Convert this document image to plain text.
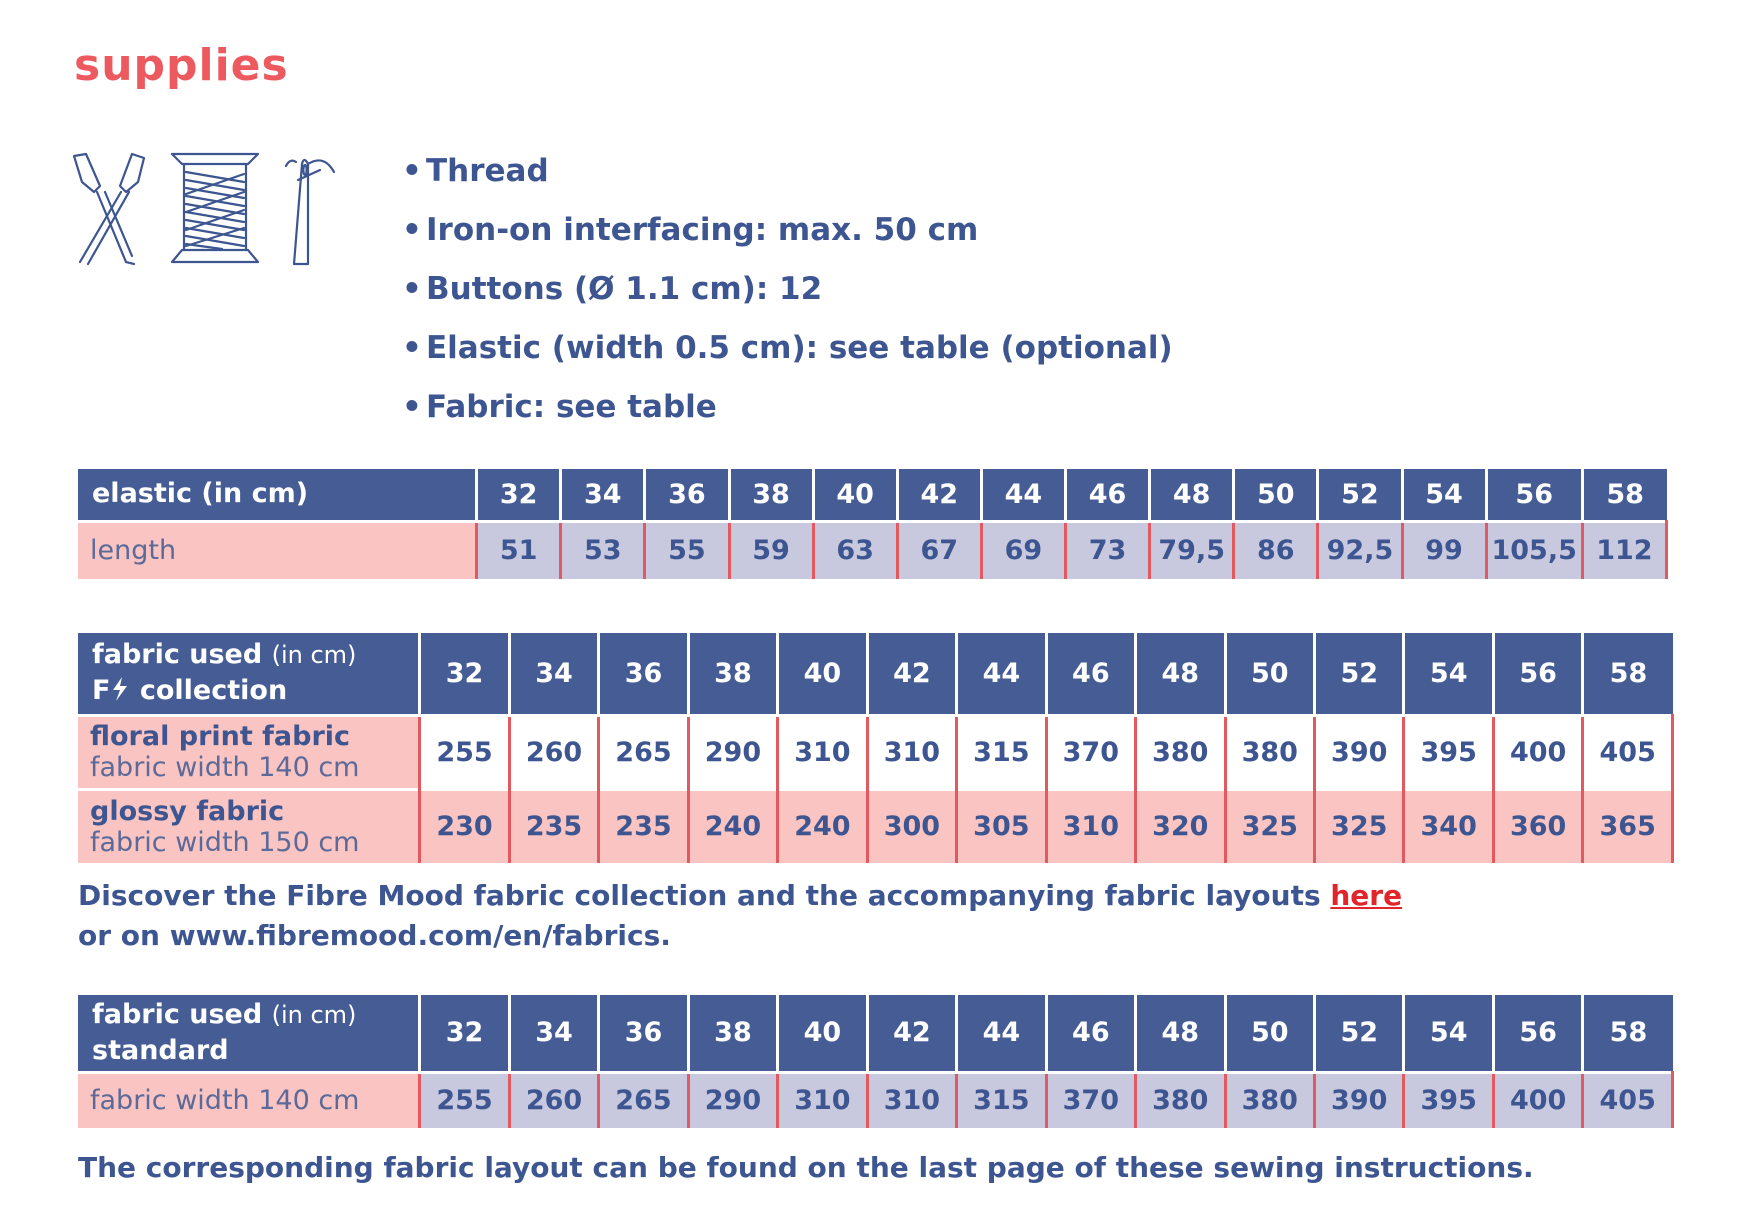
supplies
• Thread
• Iron-on interfacing: max. 50 cm
• Buttons (Ø 1.1 cm): 12
• Elastic (width 0.5 cm): see table (optional)
• Fabric: see table
elastic (in cm)	32	34	36	38	40	42	44	46	48	50	52	54	56	58
length	51	53	55	59	63	67	69	73	79,5	86	92,5	99	105,5	112
fabric used (in cm)
F collection	32	34	36	38	40	42	44	46	48	50	52	54	56	58
floral print fabric
fabric width 140 cm	255	260	265	290	310	310	315	370	380	380	390	395	400	405
glossy fabric
fabric width 150 cm	230	235	235	240	240	300	305	310	320	325	325	340	360	365
Discover the Fibre Mood fabric collection and the accompanying fabric layouts here
or on www.fibremood.com/en/fabrics.
fabric used (in cm)
standard	32	34	36	38	40	42	44	46	48	50	52	54	56	58
fabric width 140 cm	255	260	265	290	310	310	315	370	380	380	390	395	400	405
The corresponding fabric layout can be found on the last page of these sewing instructions.
